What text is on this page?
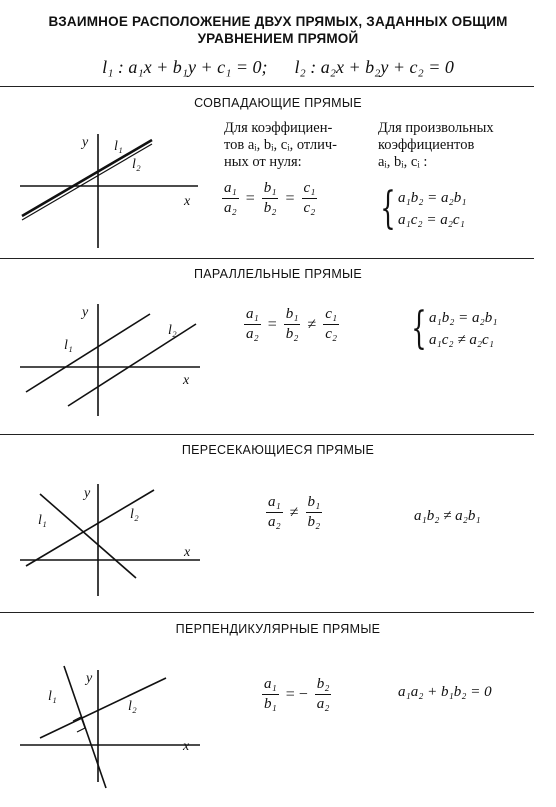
ВЗАИМНОЕ РАСПОЛОЖЕНИЕ ДВУХ ПРЯМЫХ, ЗАДАННЫХ ОБЩИМ
УРАВНЕНИЕМ ПРЯМОЙ
l₁ : a₁x + b₁y + c₁ = 0; l₂ : a₂x + b₂y + c₂ = 0
СОВПАДАЮЩИЕ ПРЯМЫЕ
x
y l₁
l₂
Для коэффициен-
тов aᵢ, bᵢ, cᵢ, отлич-
ных от нуля:
Для произвольных
коэффициентов
aᵢ, bᵢ, cᵢ :
$\frac{\text{a₁}}{\text{a₂}} = \frac{\text{b₁}}{\text{b₂}} = \frac{\text{c₁}}{\text{c₂}}$ { a₁b₂ = a₂b₁
a₁c₂ = a₂c₁
ПАРАЛЛЕЛЬНЫЕ ПРЯМЫЕ
x
y
l₁
l₂	$\frac{\text{a₁}}{\text{a₂}} = \frac{\text{b₁}}{\text{b₂}} \ne \frac{\text{c₁}}{\text{c₂}}$ { a₁b₂ = a₂b₁
a₁c₂ ≠ a₂c₁
ПЕРЕСЕКАЮЩИЕСЯ ПРЯМЫЕ
x
y
l₁	l₂	$\frac{\text{a₁}}{\text{a₂}} \ne \frac{\text{b₁}}{\text{b₂}}$	a₁b₂ ≠ a₂b₁
ПЕРПЕНДИКУЛЯРНЫЕ ПРЯМЫЕ
x
y
l₁
l₂	$\frac{\text{a₁}}{\text{b₁}}$ = − $\frac{\text{b₂}}{\text{a₂}}$	a₁a₂ + b₁b₂ = 0
